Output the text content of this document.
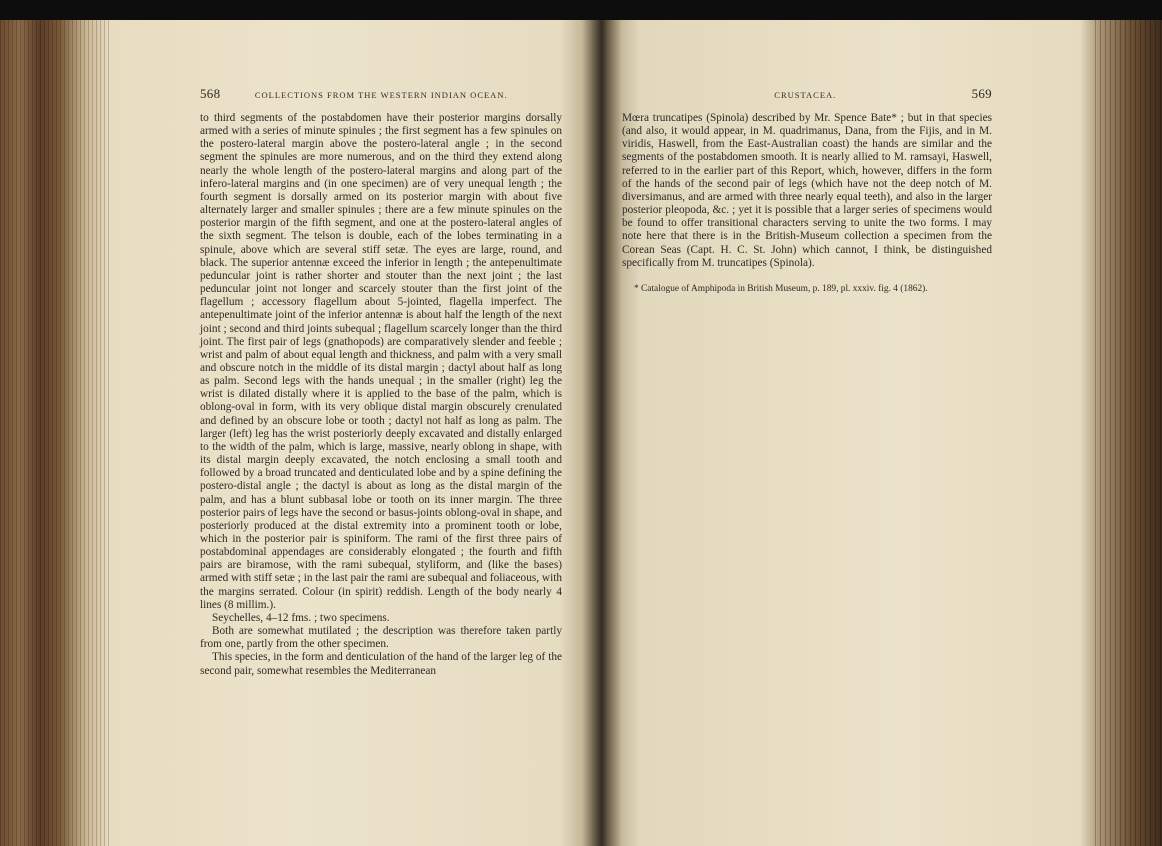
568	COLLECTIONS FROM THE WESTERN INDIAN OCEAN.

to third segments of the postabdomen have their posterior margins dorsally armed with a series of minute spinules ; the first segment has a few spinules on the postero-lateral margin above the postero-lateral angle ; in the second segment the spinules are more numerous, and on the third they extend along nearly the whole length of the postero-lateral margins and along part of the infero-lateral margins and (in one specimen) are of very unequal length ; the fourth segment is dorsally armed on its posterior margin with about five alternately larger and smaller spinules ; there are a few minute spinules on the posterior margin of the fifth segment, and one at the postero-lateral angles of the sixth segment. The telson is double, each of the lobes terminating in a spinule, above which are several stiff setæ. The eyes are large, round, and black. The superior antennæ exceed the inferior in length ; the antepenultimate peduncular joint is rather shorter and stouter than the next joint ; the last peduncular joint not longer and scarcely stouter than the first joint of the flagellum ; accessory flagellum about 5-jointed, flagella imperfect. The antepenultimate joint of the inferior antennæ is about half the length of the next joint ; second and third joints subequal ; flagellum scarcely longer than the third joint. The first pair of legs (gnathopods) are comparatively slender and feeble ; wrist and palm of about equal length and thickness, and palm with a very small and obscure notch in the middle of its distal margin ; dactyl about half as long as palm. Second legs with the hands unequal ; in the smaller (right) leg the wrist is dilated distally where it is applied to the base of the palm, which is oblong-oval in form, with its very oblique distal margin obscurely crenulated and defined by an obscure lobe or tooth ; dactyl not half as long as palm. The larger (left) leg has the wrist posteriorly deeply excavated and distally enlarged to the width of the palm, which is large, massive, nearly oblong in shape, with its distal margin deeply excavated, the notch enclosing a small tooth and followed by a broad truncated and denticulated lobe and by a spine defining the postero-distal angle ; the dactyl is about as long as the distal margin of the palm, and has a blunt subbasal lobe or tooth on its inner margin. The three posterior pairs of legs have the second or basus-joints oblong-oval in shape, and posteriorly produced at the distal extremity into a prominent tooth or lobe, which in the posterior pair is spiniform. The rami of the first three pairs of postabdominal appendages are considerably elongated ; the fourth and fifth pairs are biramose, with the rami subequal, styliform, and (like the bases) armed with stiff setæ ; in the last pair the rami are subequal and foliaceous, with the margins serrated. Colour (in spirit) reddish. Length of the body nearly 4 lines (8 millim.).

Seychelles, 4–12 fms. ; two specimens.

Both are somewhat mutilated ; the description was therefore taken partly from one, partly from the other specimen.

This species, in the form and denticulation of the hand of the larger leg of the second pair, somewhat resembles the Mediterranean

CRUSTACEA.	569

Mœra truncatipes (Spinola) described by Mr. Spence Bate* ; but in that species (and also, it would appear, in M. quadrimanus, Dana, from the Fijis, and in M. viridis, Haswell, from the East-Australian coast) the hands are similar and the segments of the postabdomen smooth. It is nearly allied to M. ramsayi, Haswell, referred to in the earlier part of this Report, which, however, differs in the form of the hands of the second pair of legs (which have not the deep notch of M. diversimanus, and are armed with three nearly equal teeth), and also in the larger posterior pleopoda, &c. ; yet it is possible that a larger series of specimens would be found to offer transitional characters serving to unite the two forms. I may note here that there is in the British-Museum collection a specimen from the Corean Seas (Capt. H. C. St. John) which cannot, I think, be distinguished specifically from M. truncatipes (Spinola).

* Catalogue of Amphipoda in British Museum, p. 189, pl. xxxiv. fig. 4 (1862).
